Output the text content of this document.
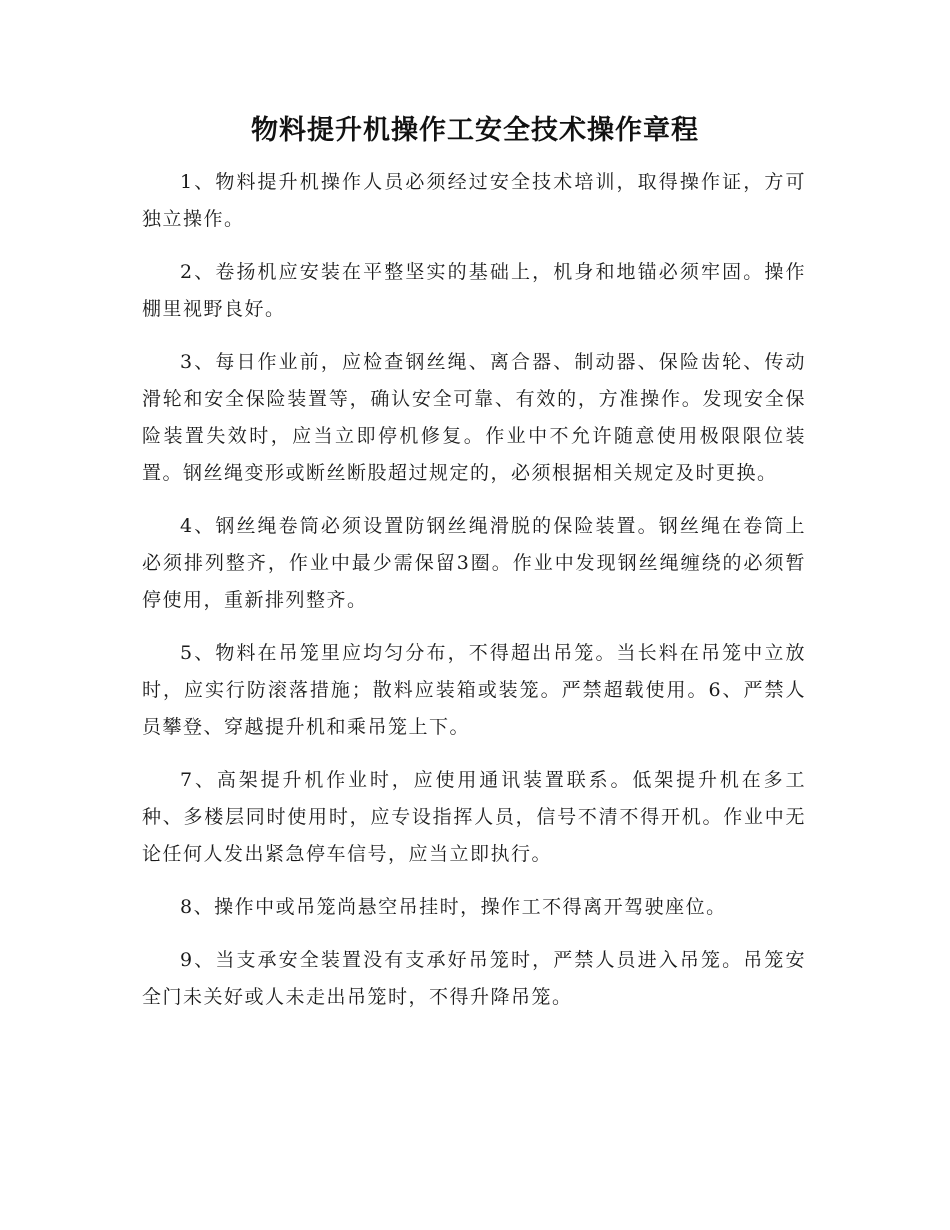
物料提升机操作工安全技术操作章程

1、物料提升机操作人员必须经过安全技术培训，取得操作证，方可独立操作。

2、卷扬机应安装在平整坚实的基础上，机身和地锚必须牢固。操作棚里视野良好。

3、每日作业前，应检查钢丝绳、离合器、制动器、保险齿轮、传动滑轮和安全保险装置等，确认安全可靠、有效的，方准操作。发现安全保险装置失效时，应当立即停机修复。作业中不允许随意使用极限限位装置。钢丝绳变形或断丝断股超过规定的，必须根据相关规定及时更换。

4、钢丝绳卷筒必须设置防钢丝绳滑脱的保险装置。钢丝绳在卷筒上必须排列整齐，作业中最少需保留3圈。作业中发现钢丝绳缠绕的必须暂停使用，重新排列整齐。

5、物料在吊笼里应均匀分布，不得超出吊笼。当长料在吊笼中立放时，应实行防滚落措施；散料应装箱或装笼。严禁超载使用。6、严禁人员攀登、穿越提升机和乘吊笼上下。

7、高架提升机作业时，应使用通讯装置联系。低架提升机在多工种、多楼层同时使用时，应专设指挥人员，信号不清不得开机。作业中无论任何人发出紧急停车信号，应当立即执行。

8、操作中或吊笼尚悬空吊挂时，操作工不得离开驾驶座位。

9、当支承安全装置没有支承好吊笼时，严禁人员进入吊笼。吊笼安全门未关好或人未走出吊笼时，不得升降吊笼。
